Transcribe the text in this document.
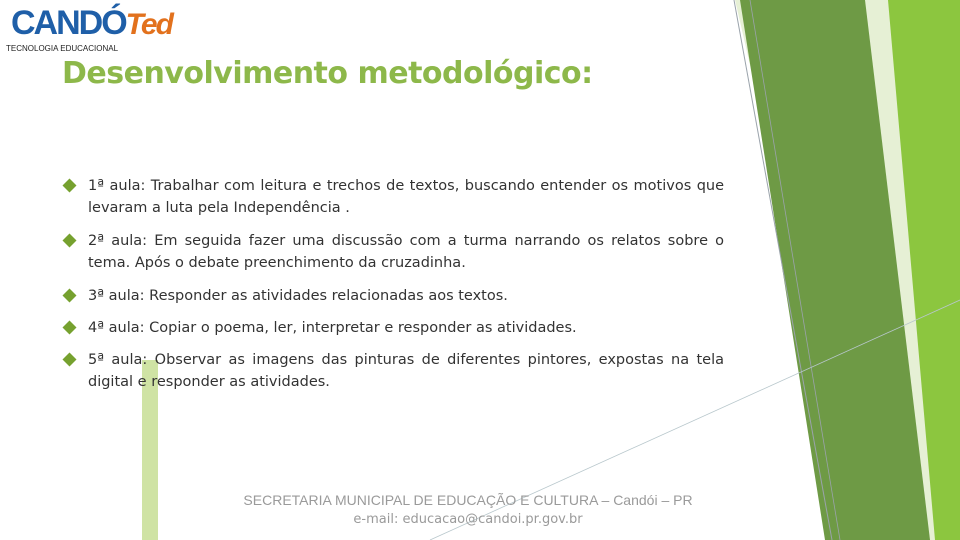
CANDÓTed
TECNOLOGIA EDUCACIONAL
Desenvolvimento metodológico:
1ª aula: Trabalhar com leitura e trechos de textos, buscando entender os motivos que levaram a luta pela Independência .
2ª aula: Em seguida fazer uma discussão com a turma narrando os relatos sobre o tema. Após o debate preenchimento da cruzadinha.
3ª aula: Responder as atividades relacionadas aos textos.
4ª aula: Copiar o poema, ler, interpretar e responder as atividades.
5ª aula: Observar as imagens das pinturas de diferentes pintores, expostas na tela digital e responder as atividades.
SECRETARIA MUNICIPAL DE EDUCAÇÃO E CULTURA – Candói – PR
e-mail: educacao@candoi.pr.gov.br
